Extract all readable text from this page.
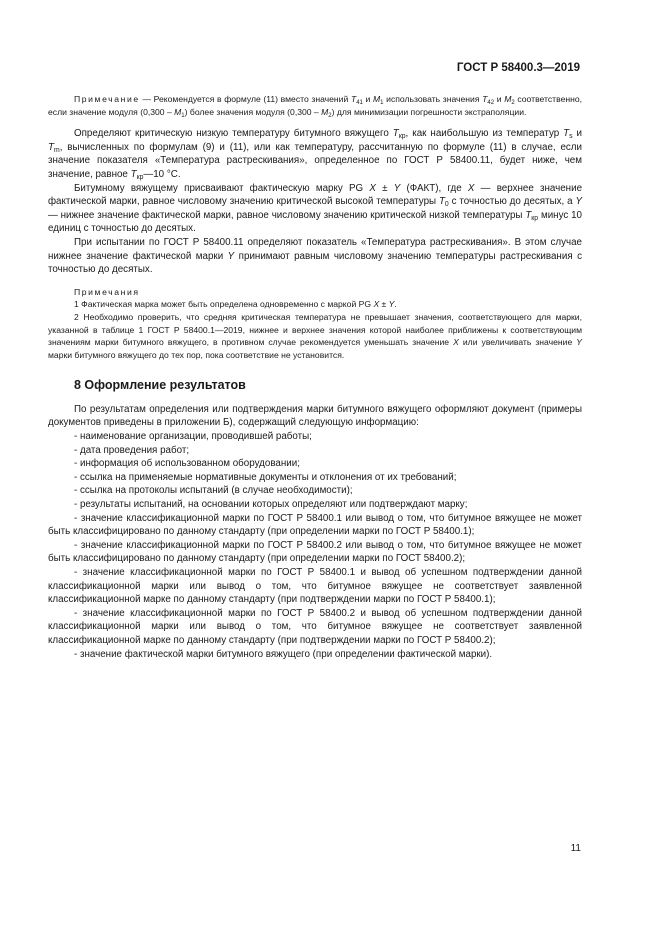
ГОСТ Р 58400.3—2019

Примечание — Рекомендуется в формуле (11) вместо значений $T_{41}$ и $M_1$ использовать значения $T_{42}$ и $M_2$ соответственно, если значение модуля $(0,300 - M_1)$ более значения модуля $(0,300 - M_2)$ для минимизации погрешности экстраполяции.

Определяют критическую низкую температуру битумного вяжущего $T_{кр}$, как наибольшую из температур $T_s$ и $T_m$, вычисленных по формулам (9) и (11), или как температуру, рассчитанную по формуле (11) в случае, если значение показателя «Температура растрескивания», определенное по ГОСТ Р 58400.11, будет ниже, чем значение, равное $T_{кр}—10$ °С.

Битумному вяжущему присваивают фактическую марку PG X ± Y (ФАКТ), где X — верхнее значение фактической марки, равное числовому значению критической высокой температуры $T_0$ с точностью до десятых, а Y — нижнее значение фактической марки, равное числовому значению критической низкой температуры $T_{кр}$ минус 10 единиц с точностью до десятых.

При испытании по ГОСТ Р 58400.11 определяют показатель «Температура растрескивания». В этом случае нижнее значение фактической марки Y принимают равным числовому значению температуры растрескивания с точностью до десятых.

Примечания

1 Фактическая марка может быть определена одновременно с маркой PG X ± Y.

2 Необходимо проверить, что средняя критическая температура не превышает значения, соответствующего для марки, указанной в таблице 1 ГОСТ Р 58400.1—2019, нижнее и верхнее значения которой наиболее приближены к соответствующим значениям марки битумного вяжущего, в противном случае рекомендуется уменьшать значение X или увеличивать значение Y марки битумного вяжущего до тех пор, пока соответствие не установится.

8 Оформление результатов

По результатам определения или подтверждения марки битумного вяжущего оформляют документ (примеры документов приведены в приложении Б), содержащий следующую информацию:

- наименование организации, проводившей работы;

- дата проведения работ;

- информация об использованном оборудовании;

- ссылка на применяемые нормативные документы и отклонения от их требований;

- ссылка на протоколы испытаний (в случае необходимости);

- результаты испытаний, на основании которых определяют или подтверждают марку;

- значение классификационной марки по ГОСТ Р 58400.1 или вывод о том, что битумное вяжущее не может быть классифицировано по данному стандарту (при определении марки по ГОСТ Р 58400.1);

- значение классификационной марки по ГОСТ Р 58400.2 или вывод о том, что битумное вяжущее не может быть классифицировано по данному стандарту (при определении марки по ГОСТ 58400.2);

- значение классификационной марки по ГОСТ Р 58400.1 и вывод об успешном подтверждении данной классификационной марки или вывод о том, что битумное вяжущее не соответствует заявленной классификационной марке по данному стандарту (при подтверждении марки по ГОСТ Р 58400.1);

- значение классификационной марки по ГОСТ Р 58400.2 и вывод об успешном подтверждении данной классификационной марки или вывод о том, что битумное вяжущее не соответствует заявленной классификационной марке по данному стандарту (при подтверждении марки по ГОСТ Р 58400.2);

- значение фактической марки битумного вяжущего (при определении фактической марки).

11
